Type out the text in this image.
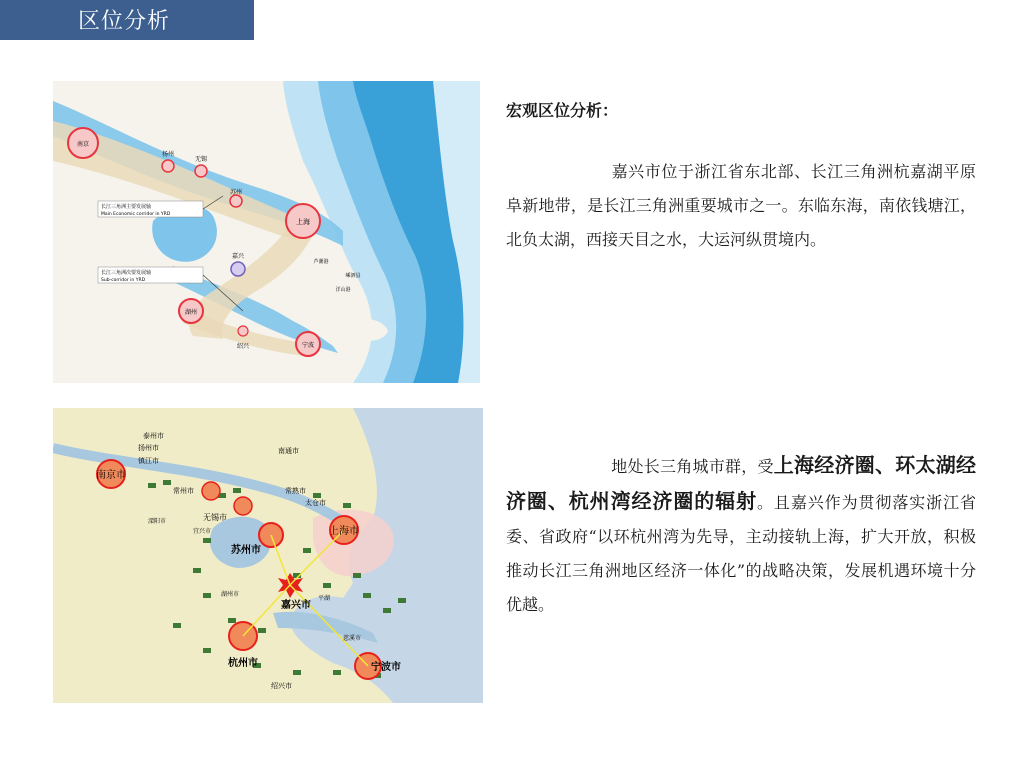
区位分析
南京
扬州
无锡
苏州
上海
嘉兴
湖州
绍兴	宁波
嵊泗县
洋山港
芦潮港
长江三角洲主要发展轴
Main Economic corridor in YRD
长江三角洲次要发展轴
Sub-corridor in YRD

宏观区位分析：

嘉兴市位于浙江省东北部、长江三角洲杭嘉湖平原阜新地带，是长江三角洲重要城市之一。东临东海，南依钱塘江，北负太湖，西接天目之水，大运河纵贯境内。

泰州市
扬州市
镇江市
南京市
常州市
南通市
常熟市
太仓市
无锡市
苏州市
上海市
溧阳市
宜兴市
湖州市
嘉兴市
平湖
杭州市
绍兴市
宁波市
慈溪市

地处长三角城市群，受上海经济圈、环太湖经济圈、杭州湾经济圈的辐射。且嘉兴作为贯彻落实浙江省委、省政府“以环杭州湾为先导，主动接轨上海，扩大开放，积极推动长江三角洲地区经济一体化”的战略决策，发展机遇环境十分优越。
